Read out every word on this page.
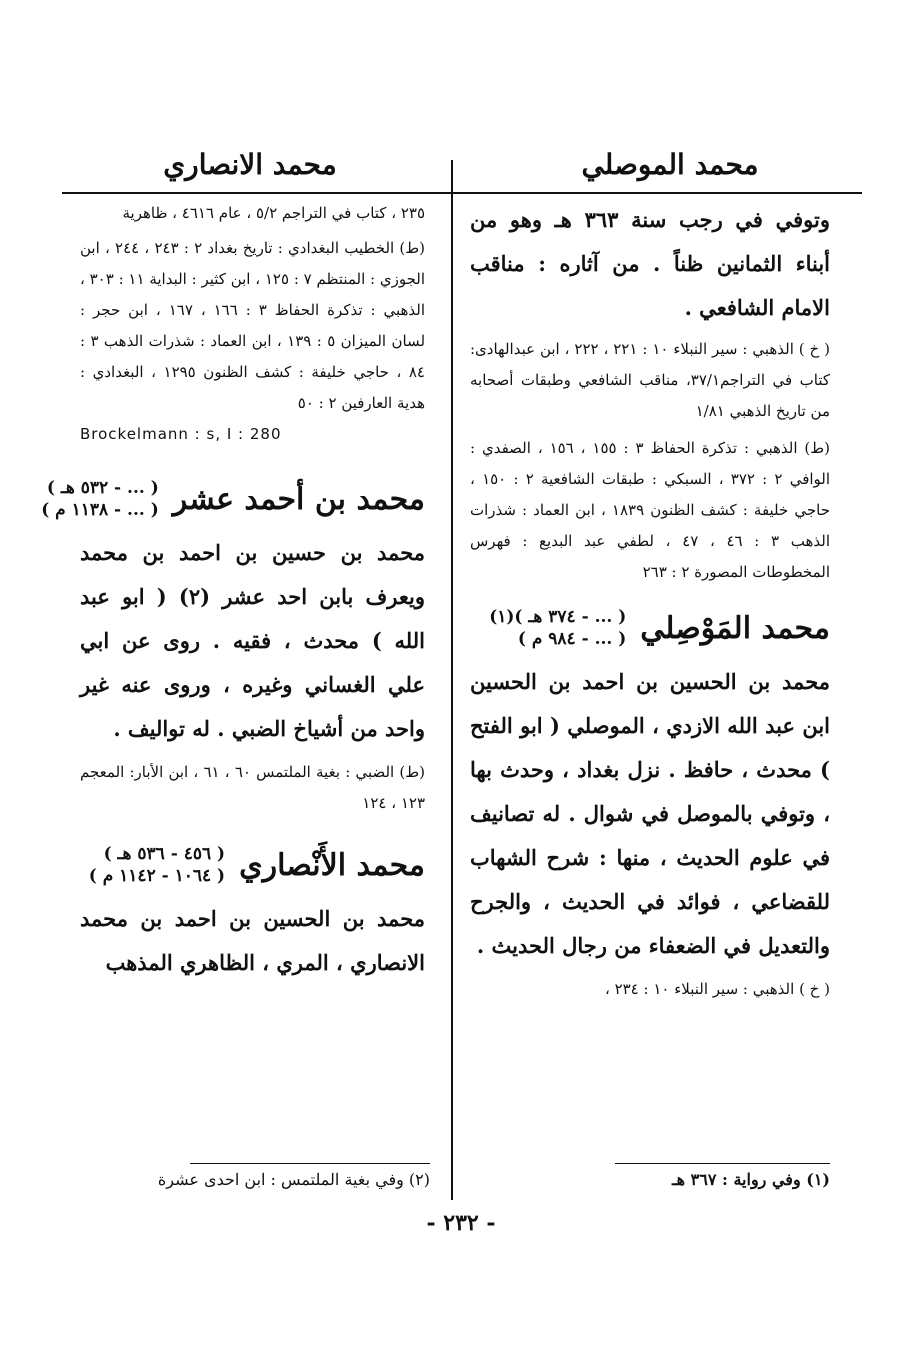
محمد الموصلي
محمد الانصاري

وتوفي في رجب سنة ٣٦٣ هـ وهو من أبناء الثمانين ظناً . من آثاره : مناقب الامام الشافعي .

( خ ) الذهبي : سير النبلاء ١٠ : ٢٢١ ، ٢٢٢ ، ابن عبدالهادى: كتاب في التراجم٣٧/١، مناقب الشافعي وطبقات أصحابه من تاريخ الذهبي ١/٨١

(ط) الذهبي : تذكرة الحفاظ ٣ : ١٥٥ ، ١٥٦ ، الصفدي : الوافي ٢ : ٣٧٢ ، السبكي : طبقات الشافعية ٢ : ١٥٠ ، حاجي خليفة : كشف الظنون ١٨٣٩ ، ابن العماد : شذرات الذهب ٣ : ٤٦ ، ٤٧ ، لطفي عبد البديع : فهرس المخطوطات المصورة ٢ : ٢٦٣

محمد المَوْصِلي
( ... - ٣٧٤ هـ )(١)
( ... - ٩٨٤ م )

محمد بن الحسين بن احمد بن الحسين ابن عبد الله الازدي ، الموصلي ( ابو الفتح ) محدث ، حافظ . نزل بغداد ، وحدث بها ، وتوفي بالموصل في شوال . له تصانيف في علوم الحديث ، منها : شرح الشهاب للقضاعي ، فوائد في الحديث ، والجرح والتعديل في الضعفاء من رجال الحديث .

( خ ) الذهبي : سير النبلاء ١٠ : ٢٣٤ ،

٢٣٥ ، كتاب في التراجم ٥/٢ ، عام ٤٦١٦ ، ظاهرية

(ط) الخطيب البغدادي : تاريخ بغداد ٢ : ٢٤٣ ، ٢٤٤ ، ابن الجوزي : المنتظم ٧ : ١٢٥ ، ابن كثير : البداية ١١ : ٣٠٣ ، الذهبي : تذكرة الحفاظ ٣ : ١٦٦ ، ١٦٧ ، ابن حجر : لسان الميزان ٥ : ١٣٩ ، ابن العماد : شذرات الذهب ٣ : ٨٤ ، حاجي خليفة : كشف الظنون ١٢٩٥ ، البغدادي : هدية العارفين ٢ : ٥٠

Brockelmann : s, I : 280

محمد بن أحمد عشر
( ... - ٥٣٢ هـ )
( ... - ١١٣٨ م )

محمد بن حسين بن احمد بن محمد ويعرف بابن احد عشر (٢) ( ابو عبد الله ) محدث ، فقيه . روى عن ابي علي الغساني وغيره ، وروى عنه غير واحد من أشياخ الضبي . له تواليف .

(ط) الضبي : بغية الملتمس ٦٠ ، ٦١ ، ابن الأبار: المعجم ١٢٣ ، ١٢٤

محمد الأَنْصاري
( ٤٥٦ - ٥٣٦ هـ )
( ١٠٦٤ - ١١٤٢ م )

محمد بن الحسين بن احمد بن محمد الانصاري ، المري ، الظاهري المذهب

(١) وفي رواية : ٣٦٧ هـ
(٢) وفي بغية الملتمس : ابن احدى عشرة
- ٢٣٢ -
